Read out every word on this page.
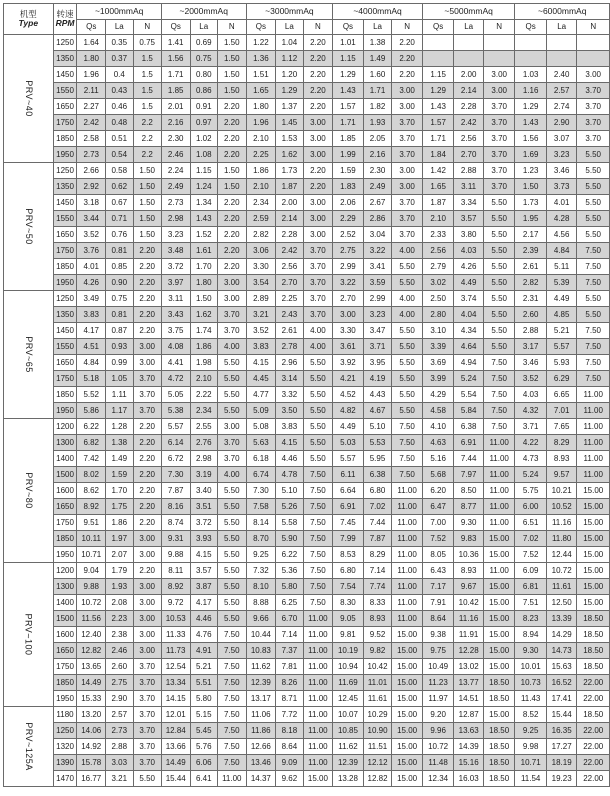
机型
Type	转速
RPM	~1000mmAq			~2000mmAq			~3000mmAq			~4000mmAq			~5000mmAq			~6000mmAq		
		Qs	La	N	Qs	La	N	Qs	La	N	Qs	La	N	Qs	La	N	Qs	La	N
PRV~40	1250	1.64	0.35	0.75	1.41	0.69	1.50	1.22	1.04	2.20	1.01	1.38	2.20						
	1350	1.80	0.37	1.5	1.56	0.75	1.50	1.36	1.12	2.20	1.15	1.49	2.20						
	1450	1.96	0.4	1.5	1.71	0.80	1.50	1.51	1.20	2.20	1.29	1.60	2.20	1.15	2.00	3.00	1.03	2.40	3.00
	1550	2.11	0.43	1.5	1.85	0.86	1.50	1.65	1.29	2.20	1.43	1.71	3.00	1.29	2.14	3.00	1.16	2.57	3.70
	1650	2.27	0.46	1.5	2.01	0.91	2.20	1.80	1.37	2.20	1.57	1.82	3.00	1.43	2.28	3.70	1.29	2.74	3.70
	1750	2.42	0.48	2.2	2.16	0.97	2.20	1.96	1.45	3.00	1.71	1.93	3.70	1.57	2.42	3.70	1.43	2.90	3.70
	1850	2.58	0.51	2.2	2.30	1.02	2.20	2.10	1.53	3.00	1.85	2.05	3.70	1.71	2.56	3.70	1.56	3.07	3.70
	1950	2.73	0.54	2.2	2.46	1.08	2.20	2.25	1.62	3.00	1.99	2.16	3.70	1.84	2.70	3.70	1.69	3.23	5.50
PRV~50	1250	2.66	0.58	1.50	2.24	1.15	1.50	1.86	1.73	2.20	1.59	2.30	3.00	1.42	2.88	3.70	1.23	3.46	5.50
	1350	2.92	0.62	1.50	2.49	1.24	1.50	2.10	1.87	2.20	1.83	2.49	3.00	1.65	3.11	3.70	1.50	3.73	5.50
	1450	3.18	0.67	1.50	2.73	1.34	2.20	2.34	2.00	3.00	2.06	2.67	3.70	1.87	3.34	5.50	1.73	4.01	5.50
	1550	3.44	0.71	1.50	2.98	1.43	2.20	2.59	2.14	3.00	2.29	2.86	3.70	2.10	3.57	5.50	1.95	4.28	5.50
	1650	3.52	0.76	1.50	3.23	1.52	2.20	2.82	2.28	3.00	2.52	3.04	3.70	2.33	3.80	5.50	2.17	4.56	5.50
	1750	3.76	0.81	2.20	3.48	1.61	2.20	3.06	2.42	3.70	2.75	3.22	4.00	2.56	4.03	5.50	2.39	4.84	7.50
	1850	4.01	0.85	2.20	3.72	1.70	2.20	3.30	2.56	3.70	2.99	3.41	5.50	2.79	4.26	5.50	2.61	5.11	7.50
	1950	4.26	0.90	2.20	3.97	1.80	3.00	3.54	2.70	3.70	3.22	3.59	5.50	3.02	4.49	5.50	2.82	5.39	7.50
PRV~65	1250	3.49	0.75	2.20	3.11	1.50	3.00	2.89	2.25	3.70	2.70	2.99	4.00	2.50	3.74	5.50	2.31	4.49	5.50
	1350	3.83	0.81	2.20	3.43	1.62	3.70	3.21	2.43	3.70	3.00	3.23	4.00	2.80	4.04	5.50	2.60	4.85	5.50
	1450	4.17	0.87	2.20	3.75	1.74	3.70	3.52	2.61	4.00	3.30	3.47	5.50	3.10	4.34	5.50	2.88	5.21	7.50
	1550	4.51	0.93	3.00	4.08	1.86	4.00	3.83	2.78	4.00	3.61	3.71	5.50	3.39	4.64	5.50	3.17	5.57	7.50
	1650	4.84	0.99	3.00	4.41	1.98	5.50	4.15	2.96	5.50	3.92	3.95	5.50	3.69	4.94	7.50	3.46	5.93	7.50
	1750	5.18	1.05	3.70	4.72	2.10	5.50	4.45	3.14	5.50	4.21	4.19	5.50	3.99	5.24	7.50	3.52	6.29	7.50
	1850	5.52	1.11	3.70	5.05	2.22	5.50	4.77	3.32	5.50	4.52	4.43	5.50	4.29	5.54	7.50	4.03	6.65	11.00
	1950	5.86	1.17	3.70	5.38	2.34	5.50	5.09	3.50	5.50	4.82	4.67	5.50	4.58	5.84	7.50	4.32	7.01	11.00
PRV~80	1200	6.22	1.28	2.20	5.57	2.55	3.00	5.08	3.83	5.50	4.49	5.10	7.50	4.10	6.38	7.50	3.71	7.65	11.00
	1300	6.82	1.38	2.20	6.14	2.76	3.70	5.63	4.15	5.50	5.03	5.53	7.50	4.63	6.91	11.00	4.22	8.29	11.00
	1400	7.42	1.49	2.20	6.72	2.98	3.70	6.18	4.46	5.50	5.57	5.95	7.50	5.16	7.44	11.00	4.73	8.93	11.00
	1500	8.02	1.59	2.20	7.30	3.19	4.00	6.74	4.78	7.50	6.11	6.38	7.50	5.68	7.97	11.00	5.24	9.57	11.00
	1600	8.62	1.70	2.20	7.87	3.40	5.50	7.30	5.10	7.50	6.64	6.80	11.00	6.20	8.50	11.00	5.75	10.21	15.00
	1650	8.92	1.75	2.20	8.16	3.51	5.50	7.58	5.26	7.50	6.91	7.02	11.00	6.47	8.77	11.00	6.00	10.52	15.00
	1750	9.51	1.86	2.20	8.74	3.72	5.50	8.14	5.58	7.50	7.45	7.44	11.00	7.00	9.30	11.00	6.51	11.16	15.00
	1850	10.11	1.97	3.00	9.31	3.93	5.50	8.70	5.90	7.50	7.99	7.87	11.00	7.52	9.83	15.00	7.02	11.80	15.00
	1950	10.71	2.07	3.00	9.88	4.15	5.50	9.25	6.22	7.50	8.53	8.29	11.00	8.05	10.36	15.00	7.52	12.44	15.00
PRV~100	1200	9.04	1.79	2.20	8.11	3.57	5.50	7.32	5.36	7.50	6.80	7.14	11.00	6.43	8.93	11.00	6.09	10.72	15.00
	1300	9.88	1.93	3.00	8.92	3.87	5.50	8.10	5.80	7.50	7.54	7.74	11.00	7.17	9.67	15.00	6.81	11.61	15.00
	1400	10.72	2.08	3.00	9.72	4.17	5.50	8.88	6.25	7.50	8.30	8.33	11.00	7.91	10.42	15.00	7.51	12.50	15.00
	1500	11.56	2.23	3.00	10.53	4.46	5.50	9.66	6.70	11.00	9.05	8.93	11.00	8.64	11.16	15.00	8.23	13.39	18.50
	1600	12.40	2.38	3.00	11.33	4.76	7.50	10.44	7.14	11.00	9.81	9.52	15.00	9.38	11.91	15.00	8.94	14.29	18.50
	1650	12.82	2.46	3.00	11.73	4.91	7.50	10.83	7.37	11.00	10.19	9.82	15.00	9.75	12.28	15.00	9.30	14.73	18.50
	1750	13.65	2.60	3.70	12.54	5.21	7.50	11.62	7.81	11.00	10.94	10.42	15.00	10.49	13.02	15.00	10.01	15.63	18.50
	1850	14.49	2.75	3.70	13.34	5.51	7.50	12.39	8.26	11.00	11.69	11.01	15.00	11.23	13.77	18.50	10.73	16.52	22.00
	1950	15.33	2.90	3.70	14.15	5.80	7.50	13.17	8.71	11.00	12.45	11.61	15.00	11.97	14.51	18.50	11.43	17.41	22.00
PRV~125A	1180	13.20	2.57	3.70	12.01	5.15	7.50	11.06	7.72	11.00	10.07	10.29	15.00	9.20	12.87	15.00	8.52	15.44	18.50
	1250	14.06	2.73	3.70	12.84	5.45	7.50	11.86	8.18	11.00	10.85	10.90	15.00	9.96	13.63	18.50	9.25	16.35	22.00
	1320	14.92	2.88	3.70	13.66	5.76	7.50	12.66	8.64	11.00	11.62	11.51	15.00	10.72	14.39	18.50	9.98	17.27	22.00
	1390	15.78	3.03	3.70	14.49	6.06	7.50	13.46	9.09	11.00	12.39	12.12	15.00	11.48	15.16	18.50	10.71	18.19	22.00
	1470	16.77	3.21	5.50	15.44	6.41	11.00	14.37	9.62	15.00	13.28	12.82	15.00	12.34	16.03	18.50	11.54	19.23	22.00
